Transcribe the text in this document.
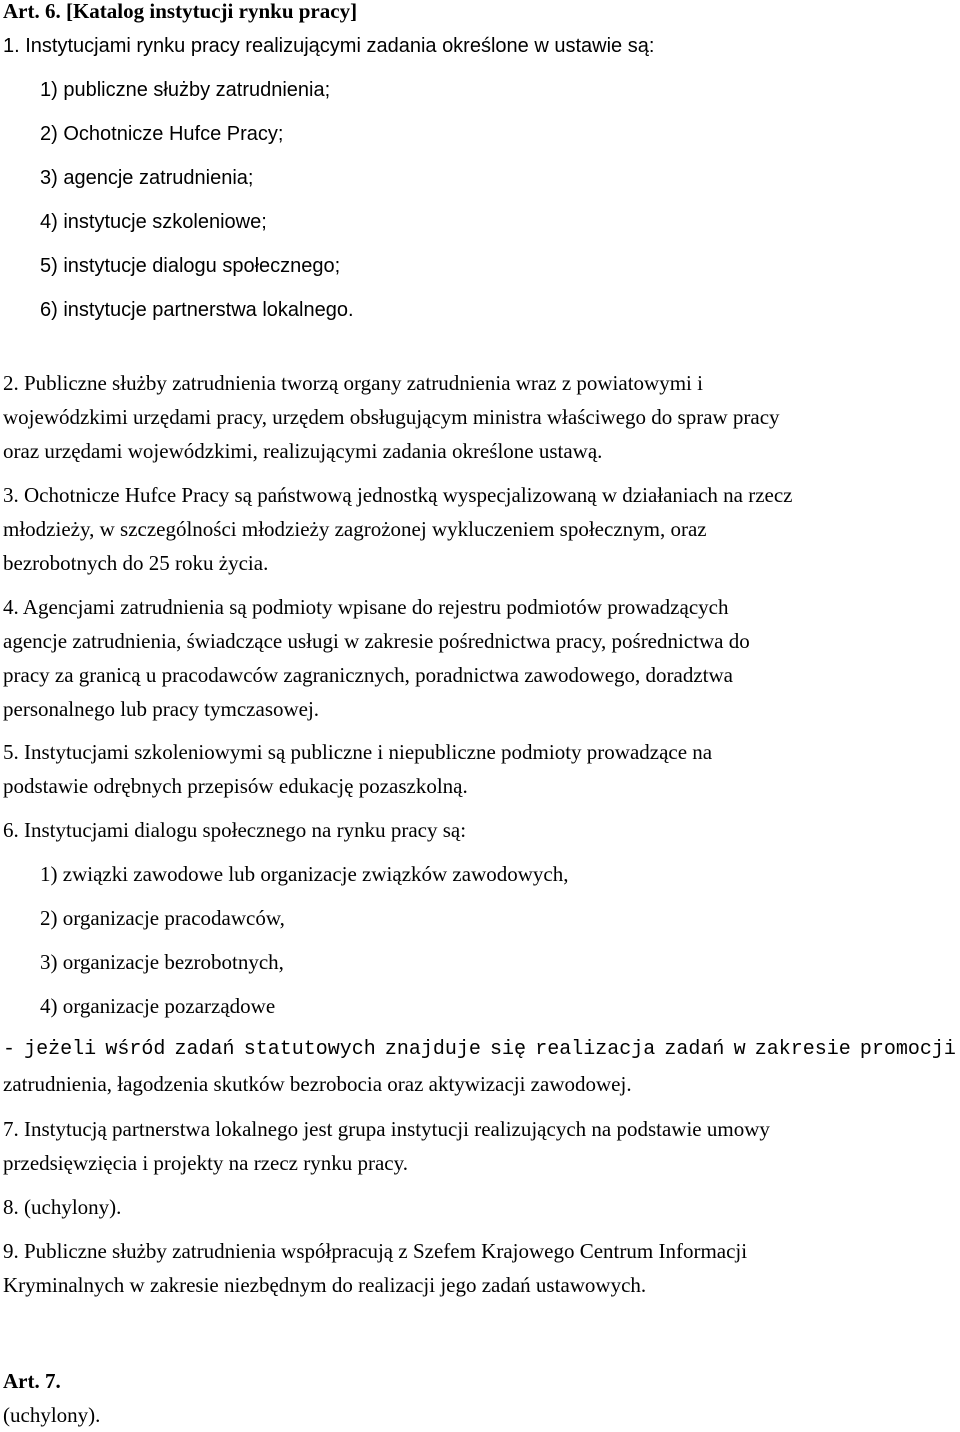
Art. 6. [Katalog instytucji rynku pracy]
1. Instytucjami rynku pracy realizującymi zadania określone w ustawie są:
1) publiczne służby zatrudnienia;
2) Ochotnicze Hufce Pracy;
3) agencje zatrudnienia;
4) instytucje szkoleniowe;
5) instytucje dialogu społecznego;
6) instytucje partnerstwa lokalnego.
2. Publiczne służby zatrudnienia tworzą organy zatrudnienia wraz z powiatowymi i
wojewódzkimi urzędami pracy, urzędem obsługującym ministra właściwego do spraw pracy
oraz urzędami wojewódzkimi, realizującymi zadania określone ustawą.
3. Ochotnicze Hufce Pracy są państwową jednostką wyspecjalizowaną w działaniach na rzecz
młodzieży, w szczególności młodzieży zagrożonej wykluczeniem społecznym, oraz
bezrobotnych do 25 roku życia.
4. Agencjami zatrudnienia są podmioty wpisane do rejestru podmiotów prowadzących
agencje zatrudnienia, świadczące usługi w zakresie pośrednictwa pracy, pośrednictwa do
pracy za granicą u pracodawców zagranicznych, poradnictwa zawodowego, doradztwa
personalnego lub pracy tymczasowej.
5. Instytucjami szkoleniowymi są publiczne i niepubliczne podmioty prowadzące na
podstawie odrębnych przepisów edukację pozaszkolną.
6. Instytucjami dialogu społecznego na rynku pracy są:
1) związki zawodowe lub organizacje związków zawodowych,
2) organizacje pracodawców,
3) organizacje bezrobotnych,
4) organizacje pozarządowe
- jeżeli wśród zadań statutowych znajduje się realizacja zadań w zakresie promocji
zatrudnienia, łagodzenia skutków bezrobocia oraz aktywizacji zawodowej.
7. Instytucją partnerstwa lokalnego jest grupa instytucji realizujących na podstawie umowy
przedsięwzięcia i projekty na rzecz rynku pracy.
8. (uchylony).
9. Publiczne służby zatrudnienia współpracują z Szefem Krajowego Centrum Informacji
Kryminalnych w zakresie niezbędnym do realizacji jego zadań ustawowych.
Art. 7.
(uchylony).
